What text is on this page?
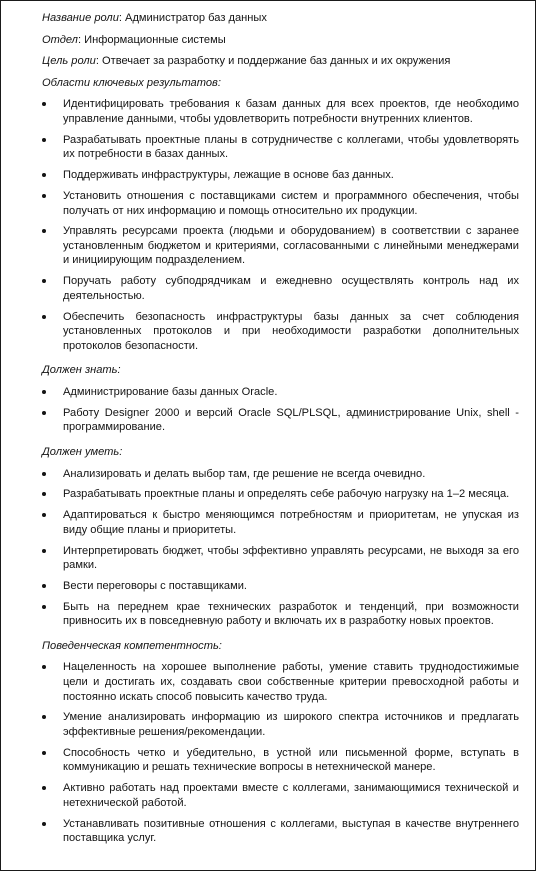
Название роли: Администратор баз данных
Отдел: Информационные системы
Цель роли: Отвечает за разработку и поддержание баз данных и их окружения
Области ключевых результатов:
Идентифицировать требования к базам данных для всех проектов, где необходимо управление данными, чтобы удовлетворить потребности внутренних клиентов.
Разрабатывать проектные планы в сотрудничестве с коллегами, чтобы удовлетворять их потребности в базах данных.
Поддерживать инфраструктуры, лежащие в основе баз данных.
Установить отношения с поставщиками систем и программного обеспечения, чтобы получать от них информацию и помощь относительно их продукции.
Управлять ресурсами проекта (людьми и оборудованием) в соответствии с заранее установленным бюджетом и критериями, согласованными с линейными менеджерами и инициирующим подразделением.
Поручать работу субподрядчикам и ежедневно осуществлять контроль над их деятельностью.
Обеспечить безопасность инфраструктуры базы данных за счет соблюдения установленных протоколов и при необходимости разработки дополнительных протоколов безопасности.
Должен знать:
Администрирование базы данных Oracle.
Работу Designer 2000 и версий Oracle SQL/PLSQL, администрирование Unix, shell - программирование.
Должен уметь:
Анализировать и делать выбор там, где решение не всегда очевидно.
Разрабатывать проектные планы и определять себе рабочую нагрузку на 1–2 месяца.
Адаптироваться к быстро меняющимся потребностям и приоритетам, не упуская из виду общие планы и приоритеты.
Интерпретировать бюджет, чтобы эффективно управлять ресурсами, не выходя за его рамки.
Вести переговоры с поставщиками.
Быть на переднем крае технических разработок и тенденций, при возможности привносить их в повседневную работу и включать их в разработку новых проектов.
Поведенческая компетентность:
Нацеленность на хорошее выполнение работы, умение ставить труднодостижимые цели и достигать их, создавать свои собственные критерии превосходной работы и постоянно искать способ повысить качество труда.
Умение анализировать информацию из широкого спектра источников и предлагать эффективные решения/рекомендации.
Способность четко и убедительно, в устной или письменной форме, вступать в коммуникацию и решать технические вопросы в нетехнической манере.
Активно работать над проектами вместе с коллегами, занимающимися технической и нетехнической работой.
Устанавливать позитивные отношения с коллегами, выступая в качестве внутреннего поставщика услуг.
